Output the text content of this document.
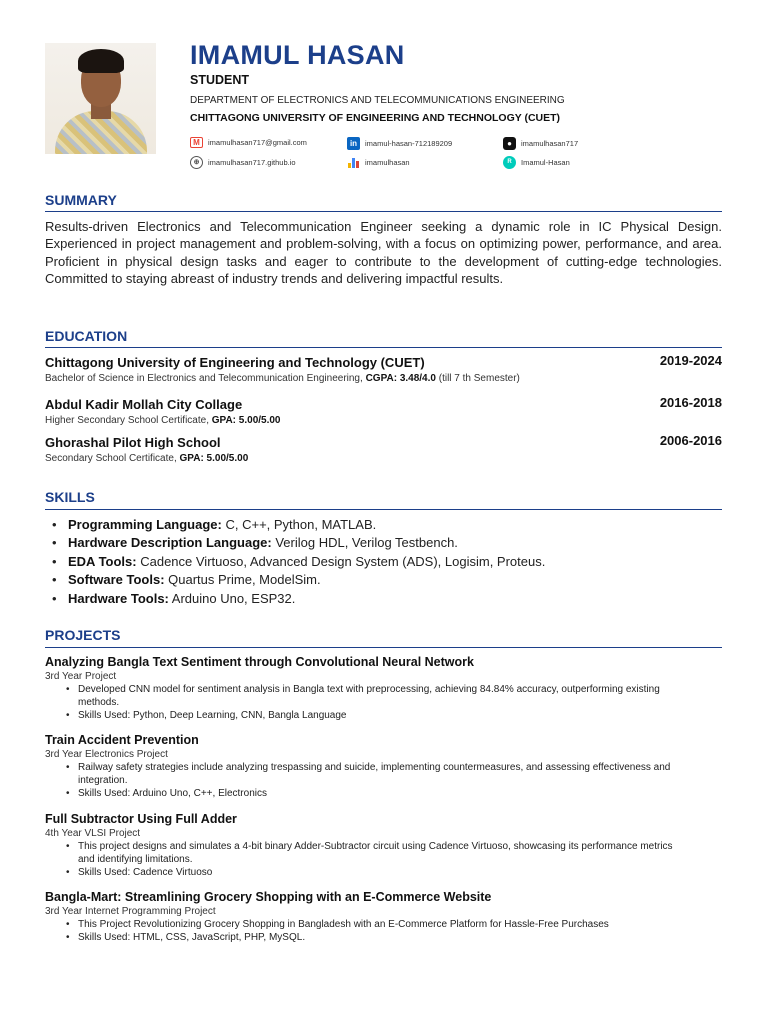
IMAMUL HASAN
STUDENT
DEPARTMENT OF ELECTRONICS AND TELECOMMUNICATIONS ENGINEERING
CHITTAGONG UNIVERSITY OF ENGINEERING AND TECHNOLOGY (CUET)
M	imamulhasan717@gmail.com	in	imamul-hasan-712189209	●	imamulhasan717
⊕	imamulhasan717.github.io	imamulhasan	R	Imamul-Hasan
SUMMARY
Results-driven Electronics and Telecommunication Engineer seeking a dynamic role in IC Physical Design. Experienced in project management and problem-solving, with a focus on optimizing power, performance, and area. Proficient in physical design tasks and eager to contribute to the development of cutting-edge technologies. Committed to staying abreast of industry trends and delivering impactful results.
EDUCATION
Chittagong University of Engineering and Technology (CUET)	2019-2024
Bachelor of Science in Electronics and Telecommunication Engineering, CGPA: 3.48/4.0 (till 7 th Semester)
Abdul Kadir Mollah City Collage	2016-2018
Higher Secondary School Certificate, GPA: 5.00/5.00
Ghorashal Pilot High School	2006-2016
Secondary School Certificate, GPA: 5.00/5.00
SKILLS
• Programming Language: C, C++, Python, MATLAB.
• Hardware Description Language: Verilog HDL, Verilog Testbench.
• EDA Tools: Cadence Virtuoso, Advanced Design System (ADS), Logisim, Proteus.
• Software Tools: Quartus Prime, ModelSim.
• Hardware Tools: Arduino Uno, ESP32.
PROJECTS
Analyzing Bangla Text Sentiment through Convolutional Neural Network
3rd Year Project
• Developed CNN model for sentiment analysis in Bangla text with preprocessing, achieving 84.84% accuracy, outperforming existing methods.
• Skills Used: Python, Deep Learning, CNN, Bangla Language
Train Accident Prevention
3rd Year Electronics Project
• Railway safety strategies include analyzing trespassing and suicide, implementing countermeasures, and assessing effectiveness and integration.
• Skills Used: Arduino Uno, C++, Electronics
Full Subtractor Using Full Adder
4th Year VLSI Project
• This project designs and simulates a 4-bit binary Adder-Subtractor circuit using Cadence Virtuoso, showcasing its performance metrics and identifying limitations.
• Skills Used: Cadence Virtuoso
Bangla-Mart: Streamlining Grocery Shopping with an E-Commerce Website
3rd Year Internet Programming Project
• This Project Revolutionizing Grocery Shopping in Bangladesh with an E-Commerce Platform for Hassle-Free Purchases
• Skills Used: HTML, CSS, JavaScript, PHP, MySQL.
